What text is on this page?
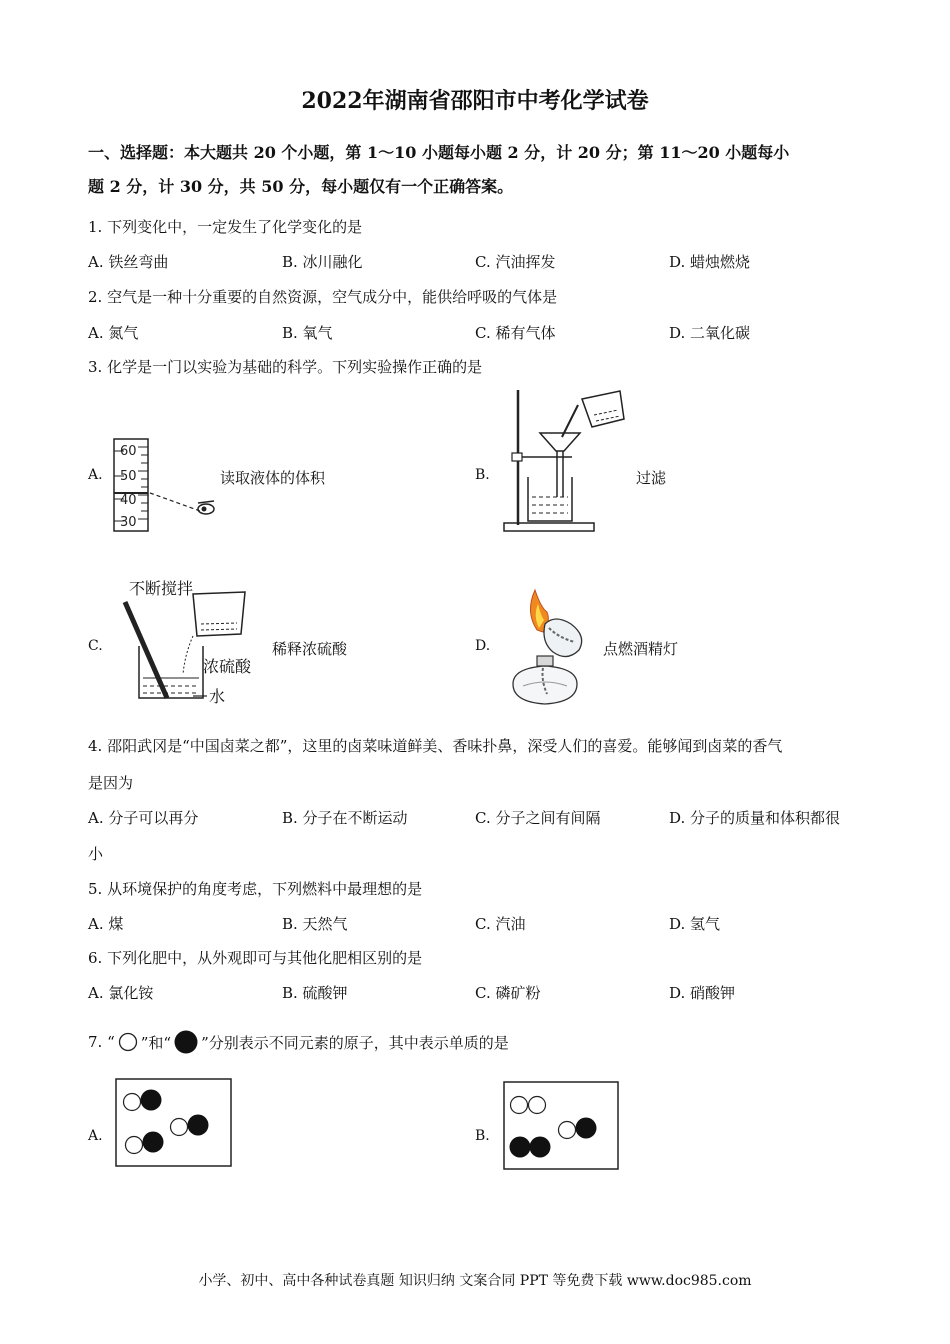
2022年湖南省邵阳市中考化学试卷
一、选择题：本大题共 20 个小题，第 1～10 小题每小题 2 分，计 20 分；第 11～20 小题每小
题 2 分，计 30 分，共 50 分，每小题仅有一个正确答案。
1. 下列变化中，一定发生了化学变化的是
A. 铁丝弯曲	B. 冰川融化	C. 汽油挥发	D. 蜡烛燃烧
2. 空气是一种十分重要的自然资源，空气成分中，能供给呼吸的气体是
A. 氮气	B. 氧气	C. 稀有气体	D. 二氧化碳
3. 化学是一门以实验为基础的科学。下列实验操作正确的是
A.
60
50
40
30
读取液体的体积	B.	过滤
C.
不断搅拌
浓硫酸
水
稀释浓硫酸	D.	点燃酒精灯
4. 邵阳武冈是“中国卤菜之都”，这里的卤菜味道鲜美、香味扑鼻，深受人们的喜爱。能够闻到卤菜的香气
是因为
A. 分子可以再分	B. 分子在不断运动	C. 分子之间有间隔	D. 分子的质量和体积都很
小
5. 从环境保护的角度考虑，下列燃料中最理想的是
A. 煤	B. 天然气	C. 汽油	D. 氢气
6. 下列化肥中，从外观即可与其他化肥相区别的是
A. 氯化铵	B. 硫酸钾	C. 磷矿粉	D. 硝酸钾
7. “ ”和“ ”分别表示不同元素的原子，其中表示单质的是
A.	B.
小学、初中、高中各种试卷真题 知识归纳 文案合同 PPT 等免费下载 www.doc985.com
